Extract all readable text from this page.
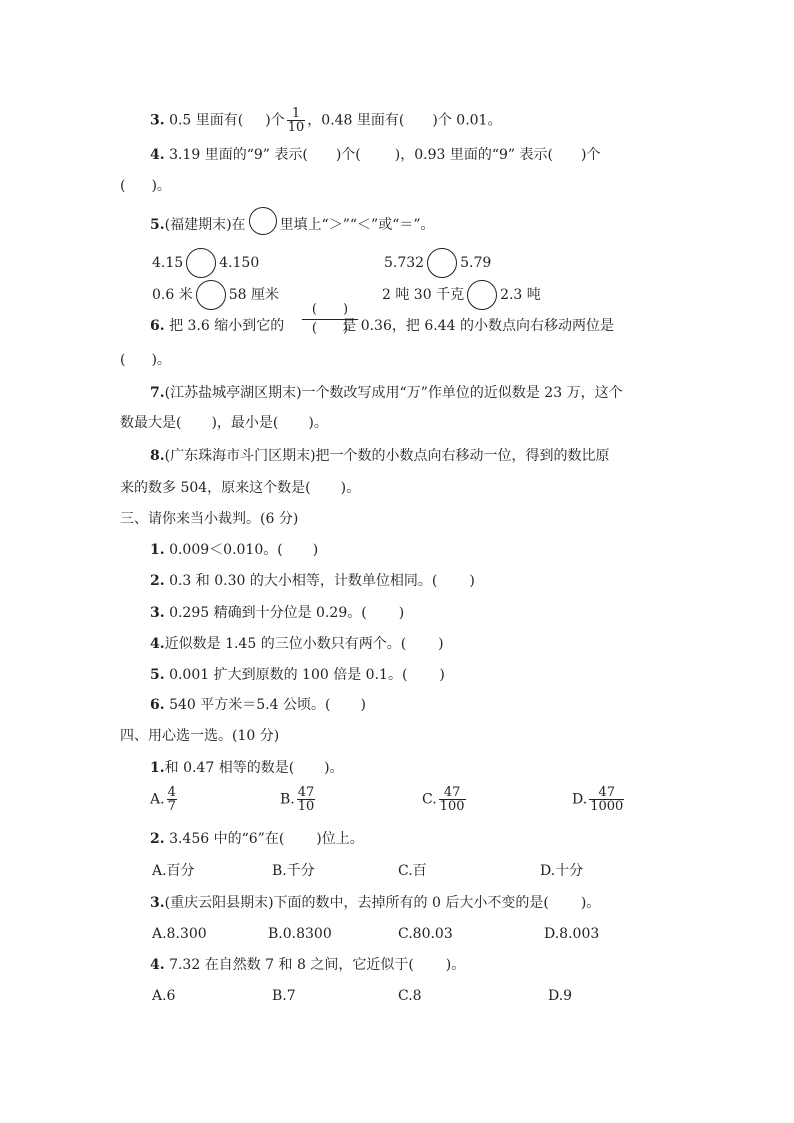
3. 0.5 里面有( )个 $\frac{1}{10}$ ，0.48 里面有( )个 0.01。
4. 3.19 里面的“9” 表示( )个( )，0.93 里面的“9” 表示( )个
( )。
5.(福建期末)在 里填上“＞”“＜”或“＝”。
4.15	4.150	5.732	5.79
0.6 米	58 厘米	2 吨 30 千克	2.3 吨
6. 把 3.6 缩小到它的	是 0.36，把 6.44 的小数点向右移动两位是
(　　)
(　　)
( )。
7.(江苏盐城亭湖区期末)一个数改写成用“万”作单位的近似数是 23 万，这个
数最大是( )，最小是( )。
8.(广东珠海市斗门区期末)把一个数的小数点向右移动一位，得到的数比原
来的数多 504，原来这个数是( )。
三、请你来当小裁判。(6 分)
1. 0.009＜0.010。( )
2. 0.3 和 0.30 的大小相等，计数单位相同。( )
3. 0.295 精确到十分位是 0.29。( )
4.近似数是 1.45 的三位小数只有两个。( )
5. 0.001 扩大到原数的 100 倍是 0.1。( )
6. 540 平方米＝5.4 公顷。( )
四、用心选一选。(10 分)
1.和 0.47 相等的数是( )。
A. $\frac{4}{7}$	B. $\frac{47}{10}$	C. $\frac{47}{100}$	D. $\frac{47}{1000}$
2. 3.456 中的“6”在( )位上。
A.百分	B.千分	C.百	D.十分
3.(重庆云阳县期末)下面的数中，去掉所有的 0 后大小不变的是( )。
A.8.300	B.0.8300	C.80.03	D.8.003
4. 7.32 在自然数 7 和 8 之间，它近似于( )。
A.6	B.7	C.8	D.9
